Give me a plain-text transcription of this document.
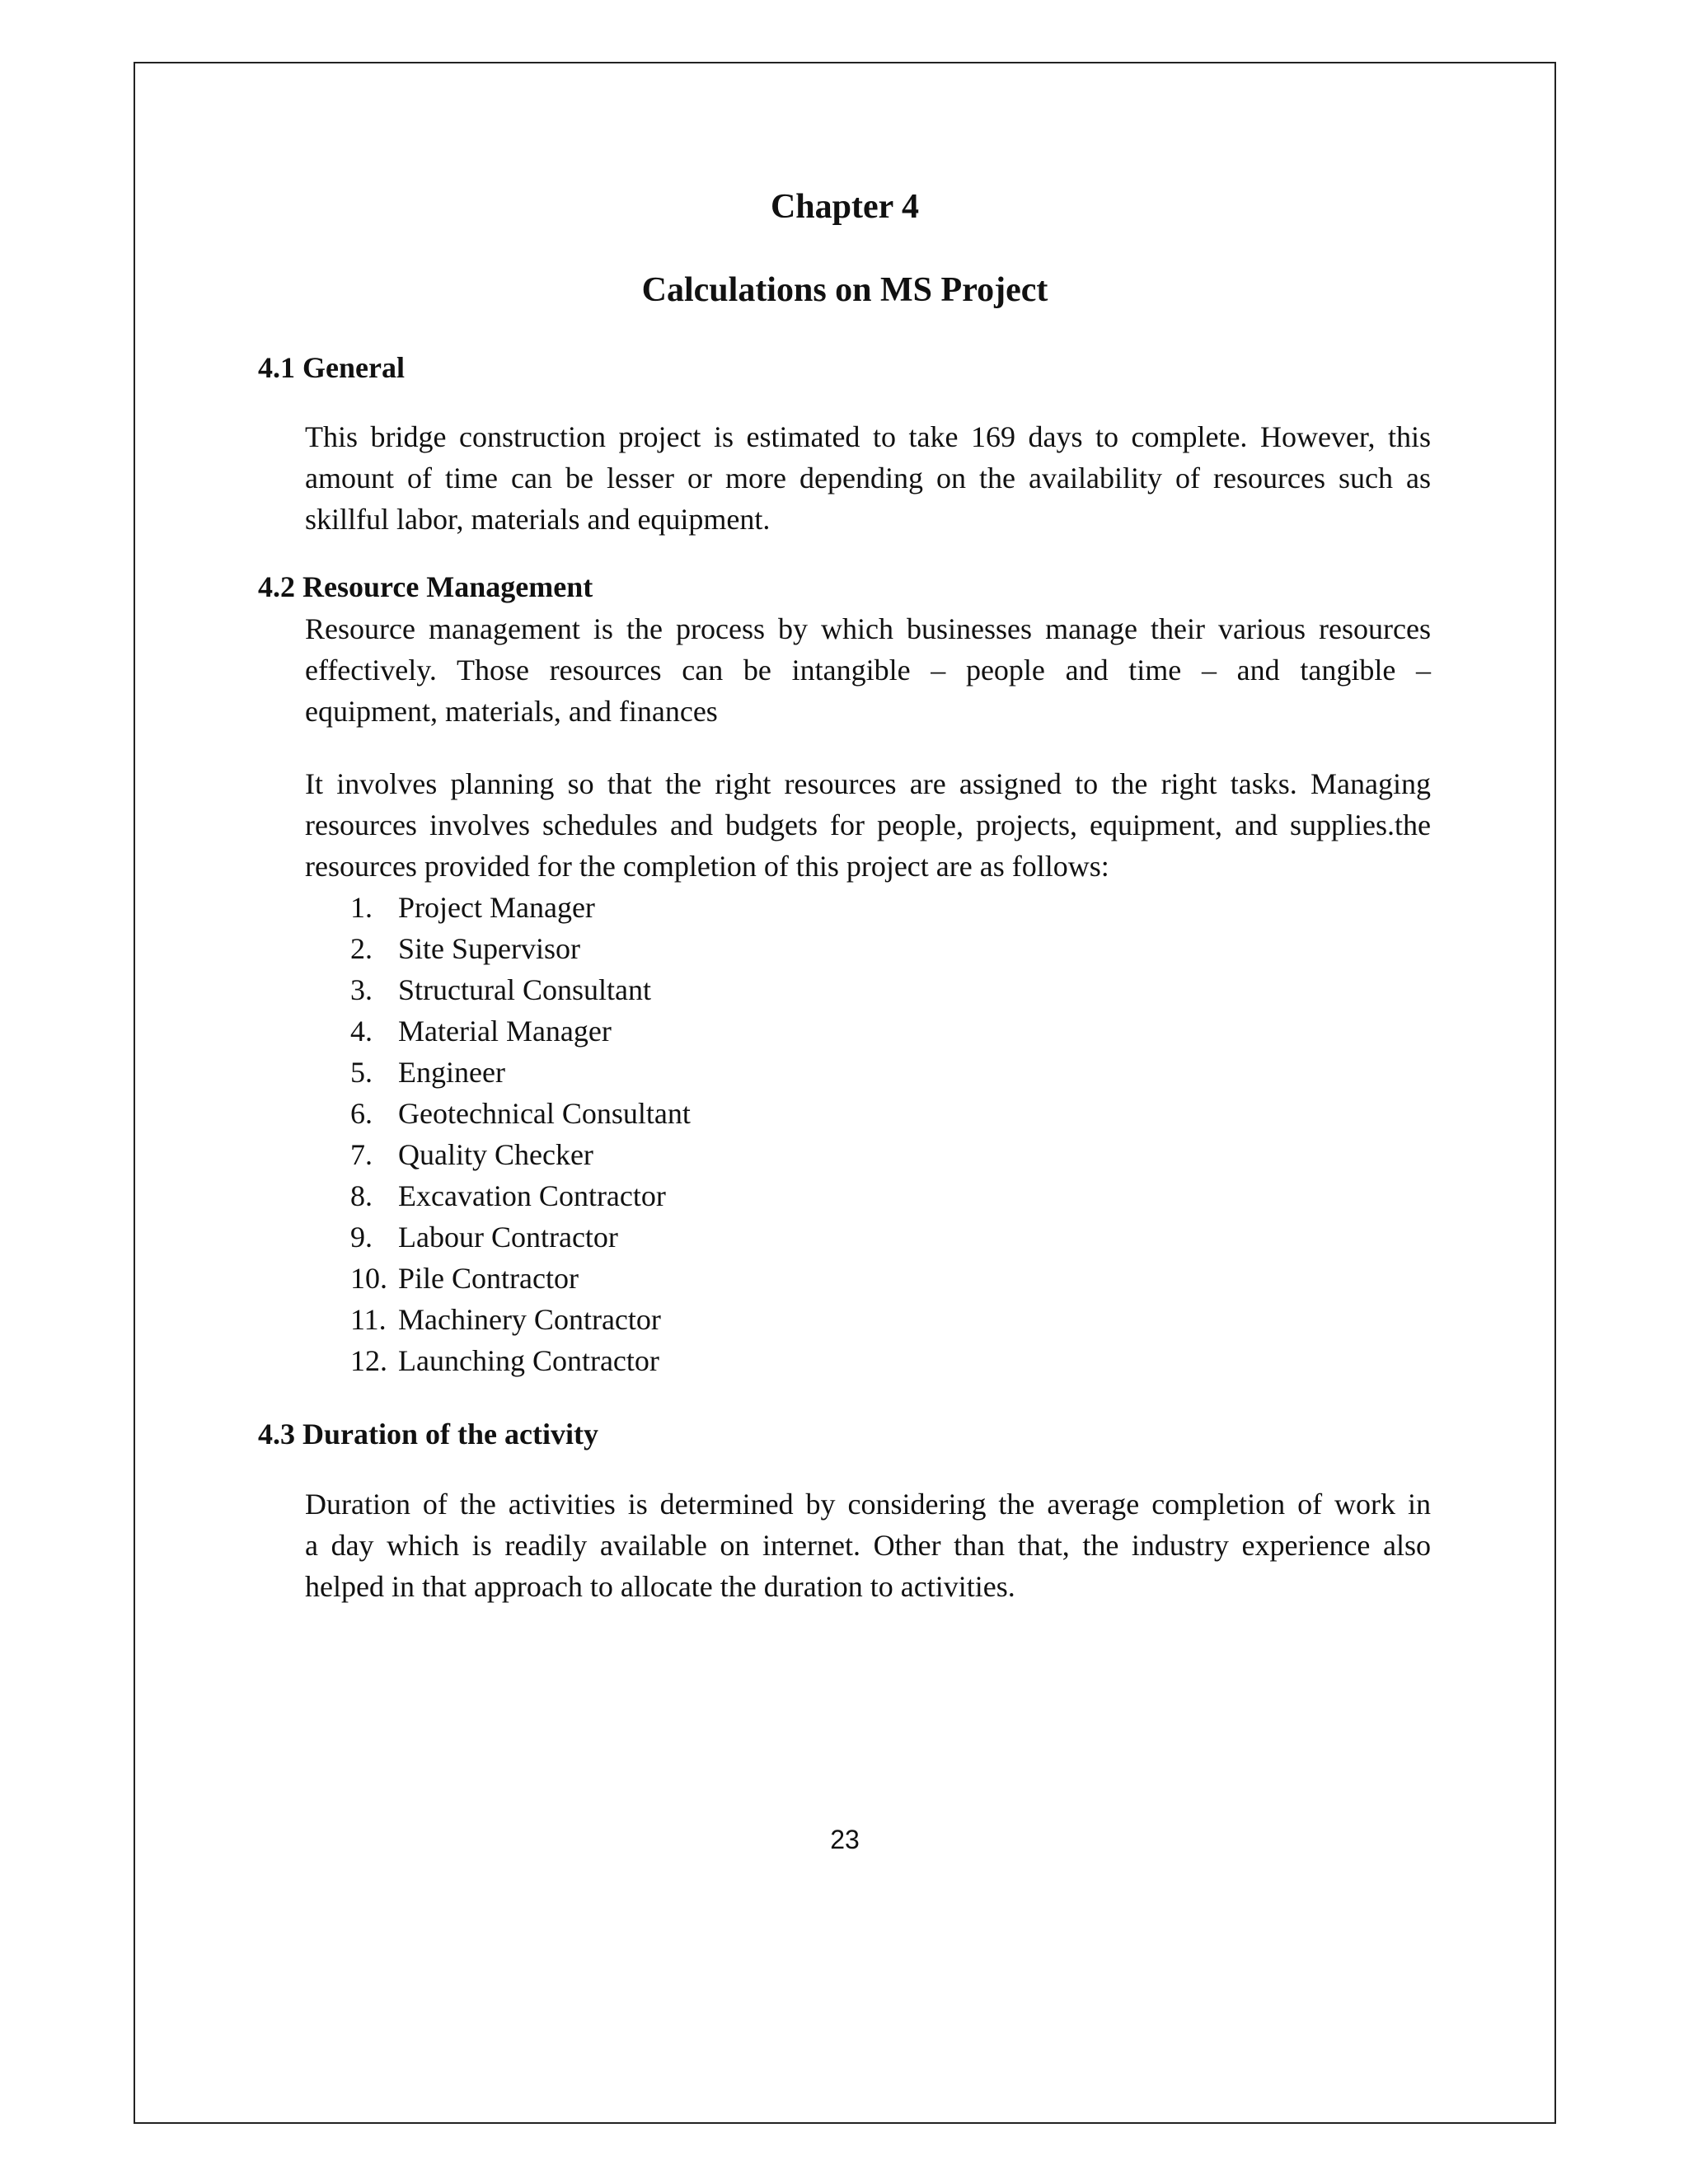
Chapter 4
Calculations on MS Project
4.1 General

This bridge construction project is estimated to take 169 days to complete. However, this
amount of time can be lesser or more depending on the availability of resources such as
skillful labor, materials and equipment.

4.2 Resource Management

Resource management is the process by which businesses manage their various resources
effectively. Those resources can be intangible – people and time – and tangible –
equipment, materials, and finances

It involves planning so that the right resources are assigned to the right tasks. Managing
resources involves schedules and budgets for people, projects, equipment, and supplies.the
resources provided for the completion of this project are as follows:

1. Project Manager
2. Site Supervisor
3. Structural Consultant
4. Material Manager
5. Engineer
6. Geotechnical Consultant
7. Quality Checker
8. Excavation Contractor
9. Labour Contractor
10. Pile Contractor
11. Machinery Contractor
12. Launching Contractor
4.3 Duration of the activity

Duration of the activities is determined by considering the average completion of work in
a day which is readily available on internet. Other than that, the industry experience also
helped in that approach to allocate the duration to activities.

23
